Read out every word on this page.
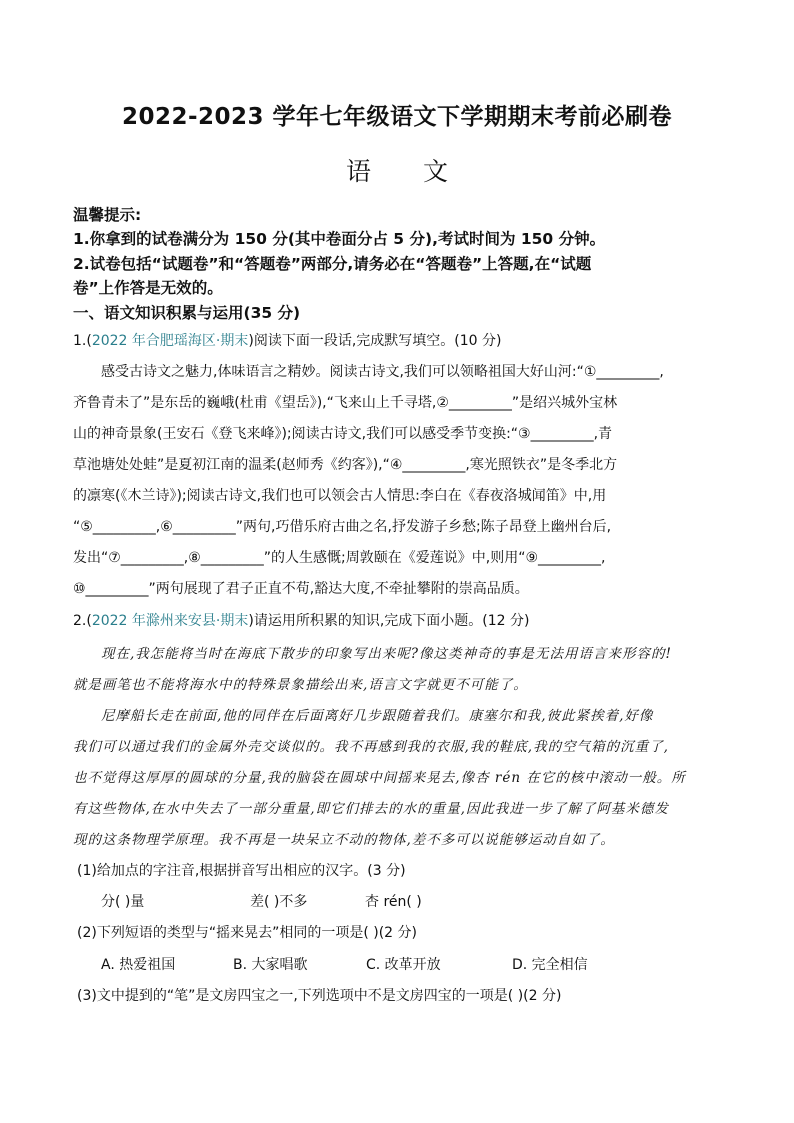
2022-2023 学年七年级语文下学期期末考前必刷卷
语 文
温馨提示:
1.你拿到的试卷满分为 150 分(其中卷面分占 5 分),考试时间为 150 分钟。
2.试卷包括“试题卷”和“答题卷”两部分,请务必在“答题卷”上答题,在“试题
卷”上作答是无效的。
一、语文知识积累与运用(35 分)
1.(2022 年合肥瑶海区·期末)阅读下面一段话,完成默写填空。(10 分)
感受古诗文之魅力,体味语言之精妙。阅读古诗文,我们可以领略祖国大好山河:“①_________,
齐鲁青未了”是东岳的巍峨(杜甫《望岳》),“飞来山上千寻塔,②_________”是绍兴城外宝林
山的神奇景象(王安石《登飞来峰》);阅读古诗文,我们可以感受季节变换:“③_________,青
草池塘处处蛙”是夏初江南的温柔(赵师秀《约客》),“④_________,寒光照铁衣”是冬季北方
的凛寒(《木兰诗》);阅读古诗文,我们也可以领会古人情思:李白在《春夜洛城闻笛》中,用
“⑤_________,⑥_________”两句,巧借乐府古曲之名,抒发游子乡愁;陈子昂登上幽州台后,
发出“⑦_________,⑧_________”的人生感慨;周敦颐在《爱莲说》中,则用“⑨_________,
⑩_________”两句展现了君子正直不苟,豁达大度,不牵扯攀附的崇高品质。
2.(2022 年滁州来安县·期末)请运用所积累的知识,完成下面小题。(12 分)
现在,我怎能将当时在海底下散步的印象写出来呢?像这类神奇的事是无法用语言来形容的!
就是画笔也不能将海水中的特殊景象描绘出来,语言文字就更不可能了。
尼摩船长走在前面,他的同伴在后面离好几步跟随着我们。康塞尔和我,彼此紧挨着,好像
我们可以通过我们的金属外壳交谈似的。我不再感到我的衣服,我的鞋底,我的空气箱的沉重了,
也不觉得这厚厚的圆球的分量,我的脑袋在圆球中间摇来晃去,像杏 rén 在它的核中滚动一般。所
有这些物体,在水中失去了一部分重量,即它们排去的水的重量,因此我进一步了解了阿基米德发
现的这条物理学原理。我不再是一块呆立不动的物体,差不多可以说能够运动自如了。
(1)给加点的字注音,根据拼音写出相应的汉字。(3 分)
分( )量	差( )不多	杏 rén( )
(2)下列短语的类型与“摇来晃去”相同的一项是( )(2 分)
A. 热爱祖国	B. 大家唱歌	C. 改革开放	D. 完全相信
(3)文中提到的“笔”是文房四宝之一,下列选项中不是文房四宝的一项是( )(2 分)
